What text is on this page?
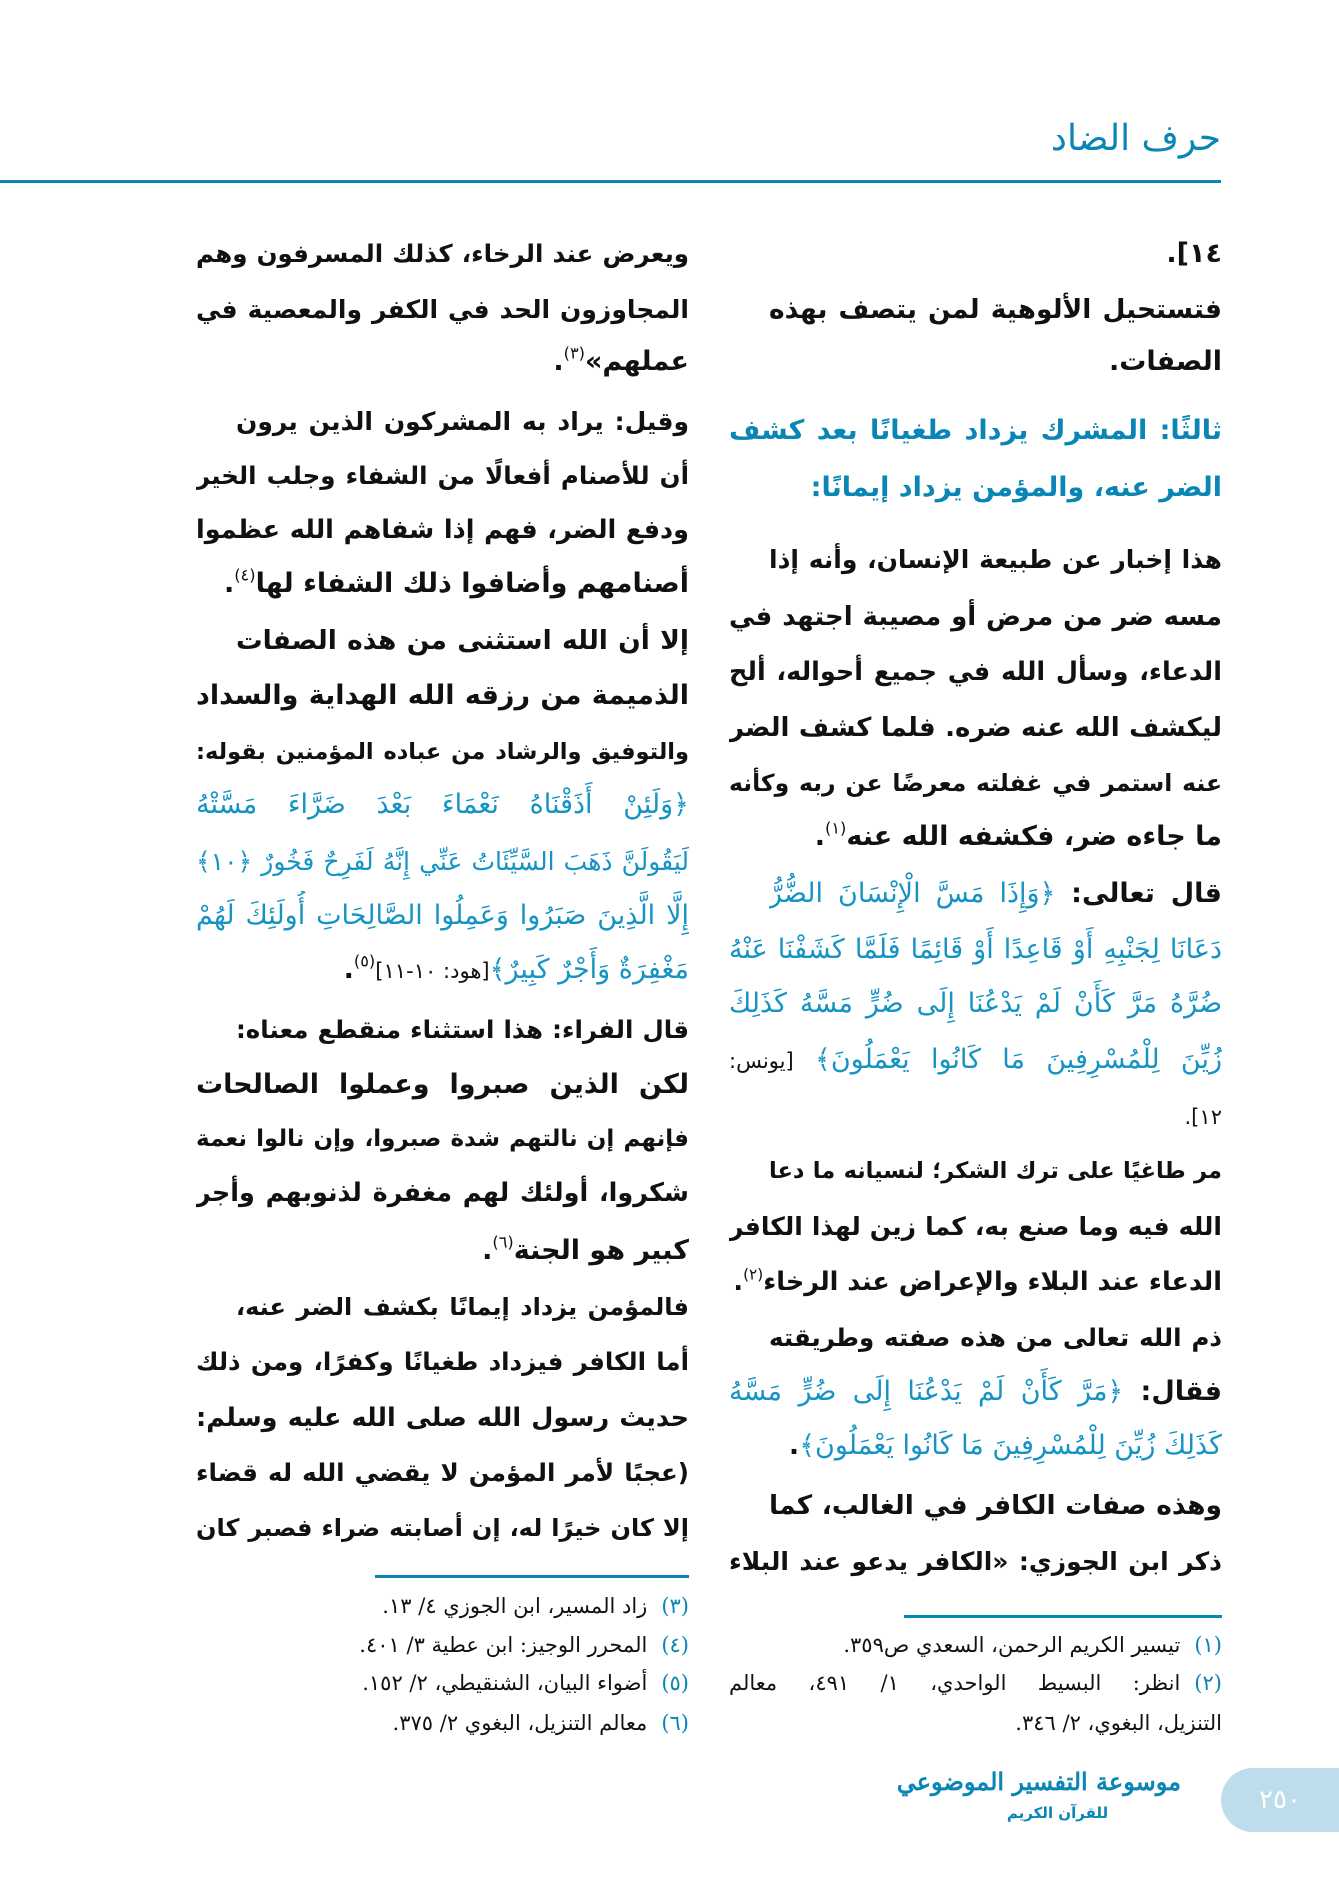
حرف الضاد
١٤].
فتستحيل الألوهية لمن يتصف بهذه
الصفات.
ثالثًا: المشرك يزداد طغيانًا بعد كشف
الضر عنه، والمؤمن يزداد إيمانًا:
هذا إخبار عن طبيعة الإنسان، وأنه إذا
مسه ضر من مرض أو مصيبة اجتهد في
الدعاء، وسأل الله في جميع أحواله، ألح
ليكشف الله عنه ضره. فلما كشف الضر
عنه استمر في غفلته معرضًا عن ربه وكأنه
ما جاءه ضر، فكشفه الله عنه$^{(١)}$.
قال تعالى: ﴿وَإِذَا مَسَّ الْإِنْسَانَ الضُّرُّ
دَعَانَا لِجَنْبِهِ أَوْ قَاعِدًا أَوْ قَائِمًا فَلَمَّا كَشَفْنَا عَنْهُ
ضُرَّهُ مَرَّ كَأَنْ لَمْ يَدْعُنَا إِلَى ضُرٍّ مَسَّهُ كَذَلِكَ
زُيِّنَ لِلْمُسْرِفِينَ مَا كَانُوا يَعْمَلُونَ﴾ [يونس:
١٢].
مر طاغيًا على ترك الشكر؛ لنسيانه ما دعا
الله فيه وما صنع به، كما زين لهذا الكافر
الدعاء عند البلاء والإعراض عند الرخاء$^{(٢)}$.
ذم الله تعالى من هذه صفته وطريقته
فقال: ﴿مَرَّ كَأَنْ لَمْ يَدْعُنَا إِلَى ضُرٍّ مَسَّهُ
كَذَلِكَ زُيِّنَ لِلْمُسْرِفِينَ مَا كَانُوا يَعْمَلُونَ﴾.
وهذه صفات الكافر في الغالب، كما
ذكر ابن الجوزي: «الكافر يدعو عند البلاء
(١)تيسير الكريم الرحمن، السعدي ص٣٥٩.
(٢)انظر: البسيط الواحدي، ١/ ٤٩١، معالم
التنزيل، البغوي، ٢/ ٣٤٦.
ويعرض عند الرخاء، كذلك المسرفون وهم
المجاوزون الحد في الكفر والمعصية في
عملهم»$^{(٣)}$.
وقيل: يراد به المشركون الذين يرون
أن للأصنام أفعالًا من الشفاء وجلب الخير
ودفع الضر، فهم إذا شفاهم الله عظموا
أصنامهم وأضافوا ذلك الشفاء لها$^{(٤)}$.
إلا أن الله استثنى من هذه الصفات
الذميمة من رزقه الله الهداية والسداد
والتوفيق والرشاد من عباده المؤمنين بقوله:
﴿وَلَئِنْ أَذَقْنَاهُ نَعْمَاءَ بَعْدَ ضَرَّاءَ مَسَّتْهُ
لَيَقُولَنَّ ذَهَبَ السَّيِّئَاتُ عَنِّي إِنَّهُ لَفَرِحٌ فَخُورٌ ﴿١٠﴾
إِلَّا الَّذِينَ صَبَرُوا وَعَمِلُوا الصَّالِحَاتِ أُولَئِكَ لَهُمْ
مَغْفِرَةٌ وَأَجْرٌ كَبِيرٌ﴾[هود: ١٠-١١]$^{(٥)}$.
قال الفراء: هذا استثناء منقطع معناه:
لكن الذين صبروا وعملوا الصالحات
فإنهم إن نالتهم شدة صبروا، وإن نالوا نعمة
شكروا، أولئك لهم مغفرة لذنوبهم وأجر
كبير هو الجنة$^{(٦)}$.
فالمؤمن يزداد إيمانًا بكشف الضر عنه،
أما الكافر فيزداد طغيانًا وكفرًا، ومن ذلك
حديث رسول الله صلى الله عليه وسلم:
(عجبًا لأمر المؤمن لا يقضي الله له قضاء
إلا كان خيرًا له، إن أصابته ضراء فصبر كان
(٣)زاد المسير، ابن الجوزي ٤/ ١٣.
(٤)المحرر الوجيز: ابن عطية ٣/ ٤٠١.
(٥)أضواء البيان، الشنقيطي، ٢/ ١٥٢.
(٦)معالم التنزيل، البغوي ٢/ ٣٧٥.
موسوعة التفسير الموضوعي
للقرآن الكريم	٢٥٠
